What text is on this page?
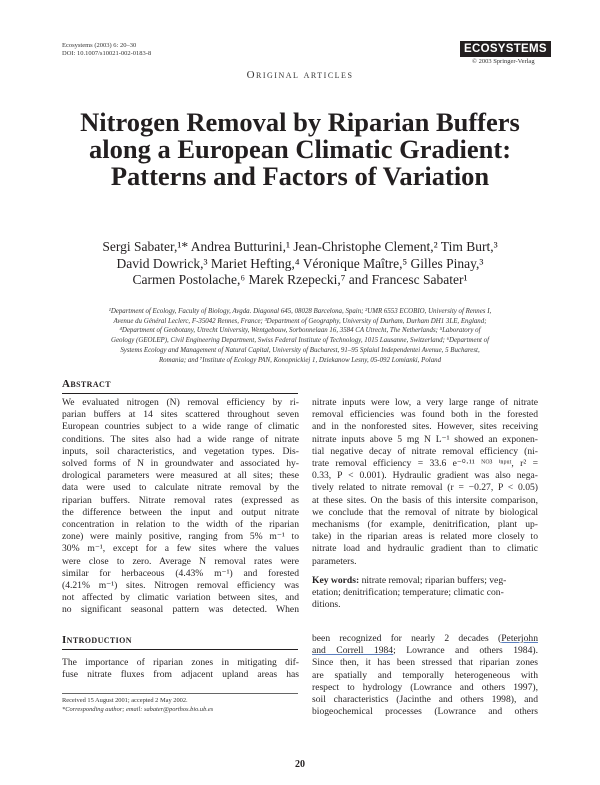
Ecosystems (2003) 6: 20–30
DOI: 10.1007/s10021-002-0183-8	ECOSYSTEMS
© 2003 Springer-Verlag
Original articles
Nitrogen Removal by Riparian Buffers along a European Climatic Gradient: Patterns and Factors of Variation
Sergi Sabater,¹* Andrea Butturini,¹ Jean-Christophe Clement,² Tim Burt,³
David Dowrick,³ Mariet Hefting,⁴ Véronique Maître,⁵ Gilles Pinay,³
Carmen Postolache,⁶ Marek Rzepecki,⁷ and Francesc Sabater¹
¹Department of Ecology, Faculty of Biology, Avgda. Diagonal 645, 08028 Barcelona, Spain; ²UMR 6553 ECOBIO, University of Rennes I,
Avenue du Général Leclerc, F-35042 Rennes, France; ³Department of Geography, University of Durham, Durham DH1 3LE, England;
⁴Department of Geobotany, Utrecht University, Wentgebouw, Sorbonnelaan 16, 3584 CA Utrecht, The Netherlands; ⁵Laboratory of
Geology (GEOLEP), Civil Engineering Department, Swiss Federal Institute of Technology, 1015 Lausanne, Switzerland; ⁶Department of
Systems Ecology and Management of Natural Capital, University of Bucharest, 91–95 Splaiul Independentei Avenue, 5 Bucharest,
Romania; and ⁷Institute of Ecology PAN, Konopnickiej 1, Dziekanow Lesny, 05-092 Lomianki, Poland
Abstract
We evaluated nitrogen (N) removal efficiency by ri-
parian buffers at 14 sites scattered throughout seven
European countries subject to a wide range of climatic
conditions. The sites also had a wide range of nitrate
inputs, soil characteristics, and vegetation types. Dis-
solved forms of N in groundwater and associated hy-
drological parameters were measured at all sites; these
data were used to calculate nitrate removal by the
riparian buffers. Nitrate removal rates (expressed as
the difference between the input and output nitrate
concentration in relation to the width of the riparian
zone) were mainly positive, ranging from 5% m⁻¹ to
30% m⁻¹, except for a few sites where the values
were close to zero. Average N removal rates were
similar for herbaceous (4.43% m⁻¹) and forested
(4.21% m⁻¹) sites. Nitrogen removal efficiency was
not affected by climatic variation between sites, and
no significant seasonal pattern was detected. When
nitrate inputs were low, a very large range of nitrate
removal efficiencies was found both in the forested
and in the nonforested sites. However, sites receiving
nitrate inputs above 5 mg N L⁻¹ showed an exponen-
tial negative decay of nitrate removal efficiency (ni-
trate removal efficiency = 33.6 e⁻⁰·¹¹ ᴺᴼ³ ⁱⁿᵖᵘᵗ, r² =
0.33, P < 0.001). Hydraulic gradient was also nega-
tively related to nitrate removal (r = −0.27, P < 0.05)
at these sites. On the basis of this intersite comparison,
we conclude that the removal of nitrate by biological
mechanisms (for example, denitrification, plant up-
take) in the riparian areas is related more closely to
nitrate load and hydraulic gradient than to climatic
parameters.
Key words: nitrate removal; riparian buffers; veg-
etation; denitrification; temperature; climatic con-
ditions.
Introduction
The importance of riparian zones in mitigating dif-
fuse nitrate fluxes from adjacent upland areas has
been recognized for nearly 2 decades (Peterjohn
and Correll 1984; Lowrance and others 1984).
Since then, it has been stressed that riparian zones
are spatially and temporally heterogeneous with
respect to hydrology (Lowrance and others 1997),
soil characteristics (Jacinthe and others 1998), and
biogeochemical processes (Lowrance and others
Received 15 August 2001; accepted 2 May 2002.
*Corresponding author; email: sabater@porthos.bio.ub.es
20
